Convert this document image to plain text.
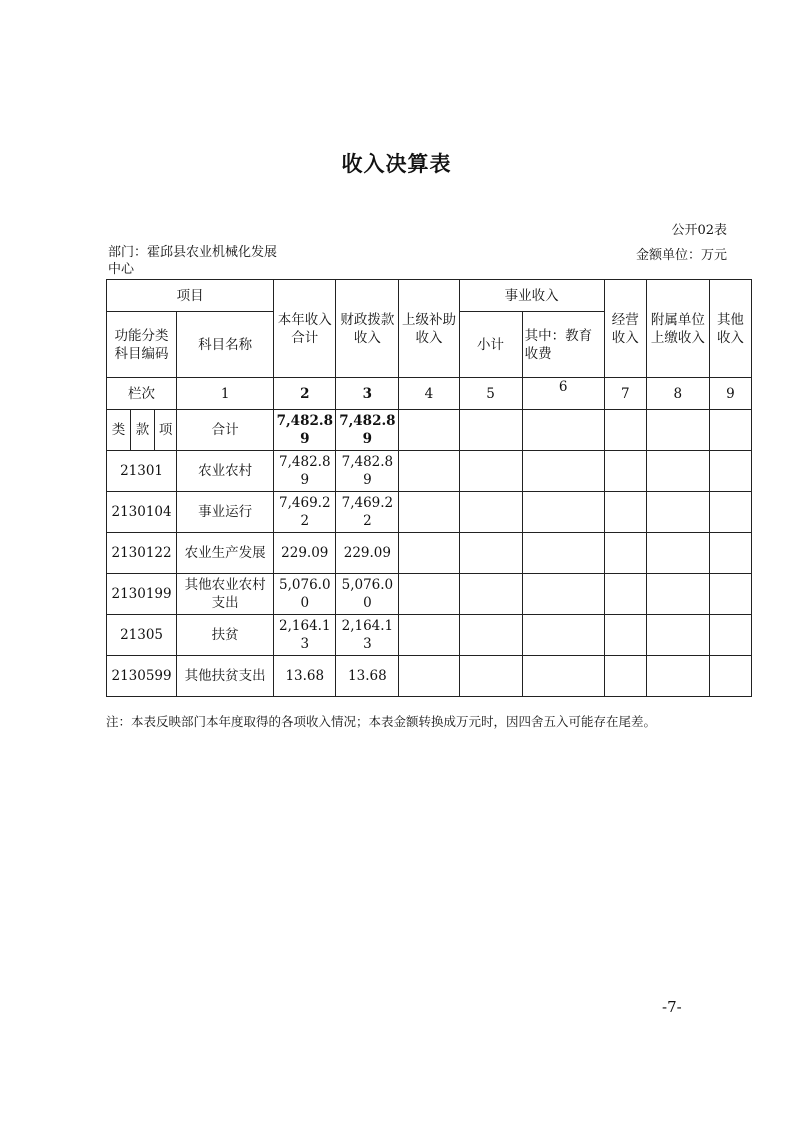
收入决算表
公开02表
部门：霍邱县农业机械化发展中心
金额单位：万元
项目				本年收入合计	财政拨款收入	上级补助收入	事业收入		经营收入	附属单位上缴收入	其他收入
功能分类科目编码			科目名称				小计	其中：教育收费			

栏次			1	2	3	4	5	6	7	8	9
类	款	项	合计	7,482.89	7,482.89						
21301			农业农村	7,482.89	7,482.89						
2130104			事业运行	7,469.22	7,469.22						
2130122			农业生产发展	229.09	229.09						
2130199			其他农业农村支出	5,076.00	5,076.00						
21305			扶贫	2,164.13	2,164.13						
2130599			其他扶贫支出	13.68	13.68						
注：本表反映部门本年度取得的各项收入情况；本表金额转换成万元时，因四舍五入可能存在尾差。
-7-
